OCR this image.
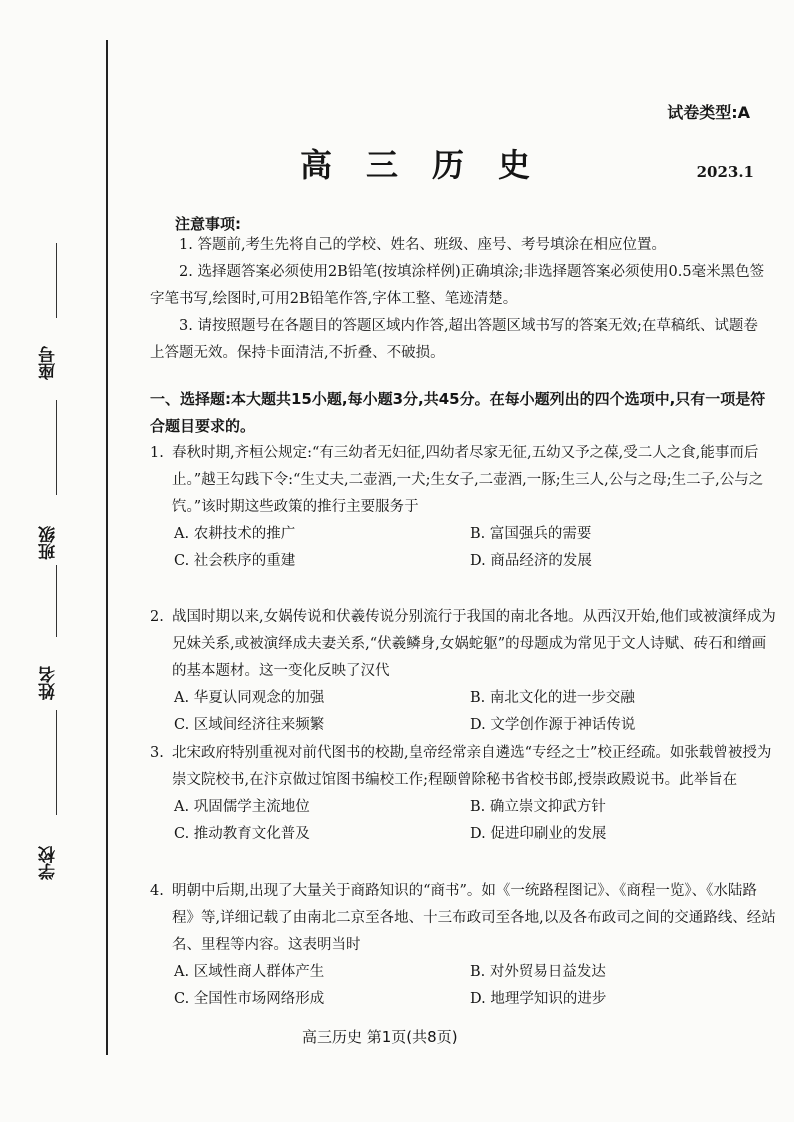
座号
班级
姓名
学校
试卷类型:A
高三历史	2023.1
注意事项:

1. 答题前,考生先将自己的学校、姓名、班级、座号、考号填涂在相应位置。

2. 选择题答案必须使用2B铅笔(按填涂样例)正确填涂;非选择题答案必须使用0.5毫米黑色签字笔书写,绘图时,可用2B铅笔作答,字体工整、笔迹清楚。

3. 请按照题号在各题目的答题区域内作答,超出答题区域书写的答案无效;在草稿纸、试题卷上答题无效。保持卡面清洁,不折叠、不破损。

一、选择题:本大题共15小题,每小题3分,共45分。在每小题列出的四个选项中,只有一项是符合题目要求的。
1. 春秋时期,齐桓公规定:“有三幼者无妇征,四幼者尽家无征,五幼又予之葆,受二人之食,能事而后止。”越王勾践下令:“生丈夫,二壶酒,一犬;生女子,二壶酒,一豚;生三人,公与之母;生二子,公与之饩。”该时期这些政策的推行主要服务于
A. 农耕技术的推广	B. 富国强兵的需要
C. 社会秩序的重建	D. 商品经济的发展
2. 战国时期以来,女娲传说和伏羲传说分别流行于我国的南北各地。从西汉开始,他们或被演绎成为兄妹关系,或被演绎成夫妻关系,“伏羲鳞身,女娲蛇躯”的母题成为常见于文人诗赋、砖石和缯画的基本题材。这一变化反映了汉代
A. 华夏认同观念的加强	B. 南北文化的进一步交融
C. 区域间经济往来频繁	D. 文学创作源于神话传说
3. 北宋政府特别重视对前代图书的校勘,皇帝经常亲自遴选“专经之士”校正经疏。如张载曾被授为崇文院校书,在汴京做过馆图书编校工作;程颐曾除秘书省校书郎,授崇政殿说书。此举旨在
A. 巩固儒学主流地位	B. 确立崇文抑武方针
C. 推动教育文化普及	D. 促进印刷业的发展
4. 明朝中后期,出现了大量关于商路知识的“商书”。如《一统路程图记》、《商程一览》、《水陆路程》等,详细记载了由南北二京至各地、十三布政司至各地,以及各布政司之间的交通路线、经站名、里程等内容。这表明当时
A. 区域性商人群体产生	B. 对外贸易日益发达
C. 全国性市场网络形成	D. 地理学知识的进步
高三历史 第1页(共8页)
